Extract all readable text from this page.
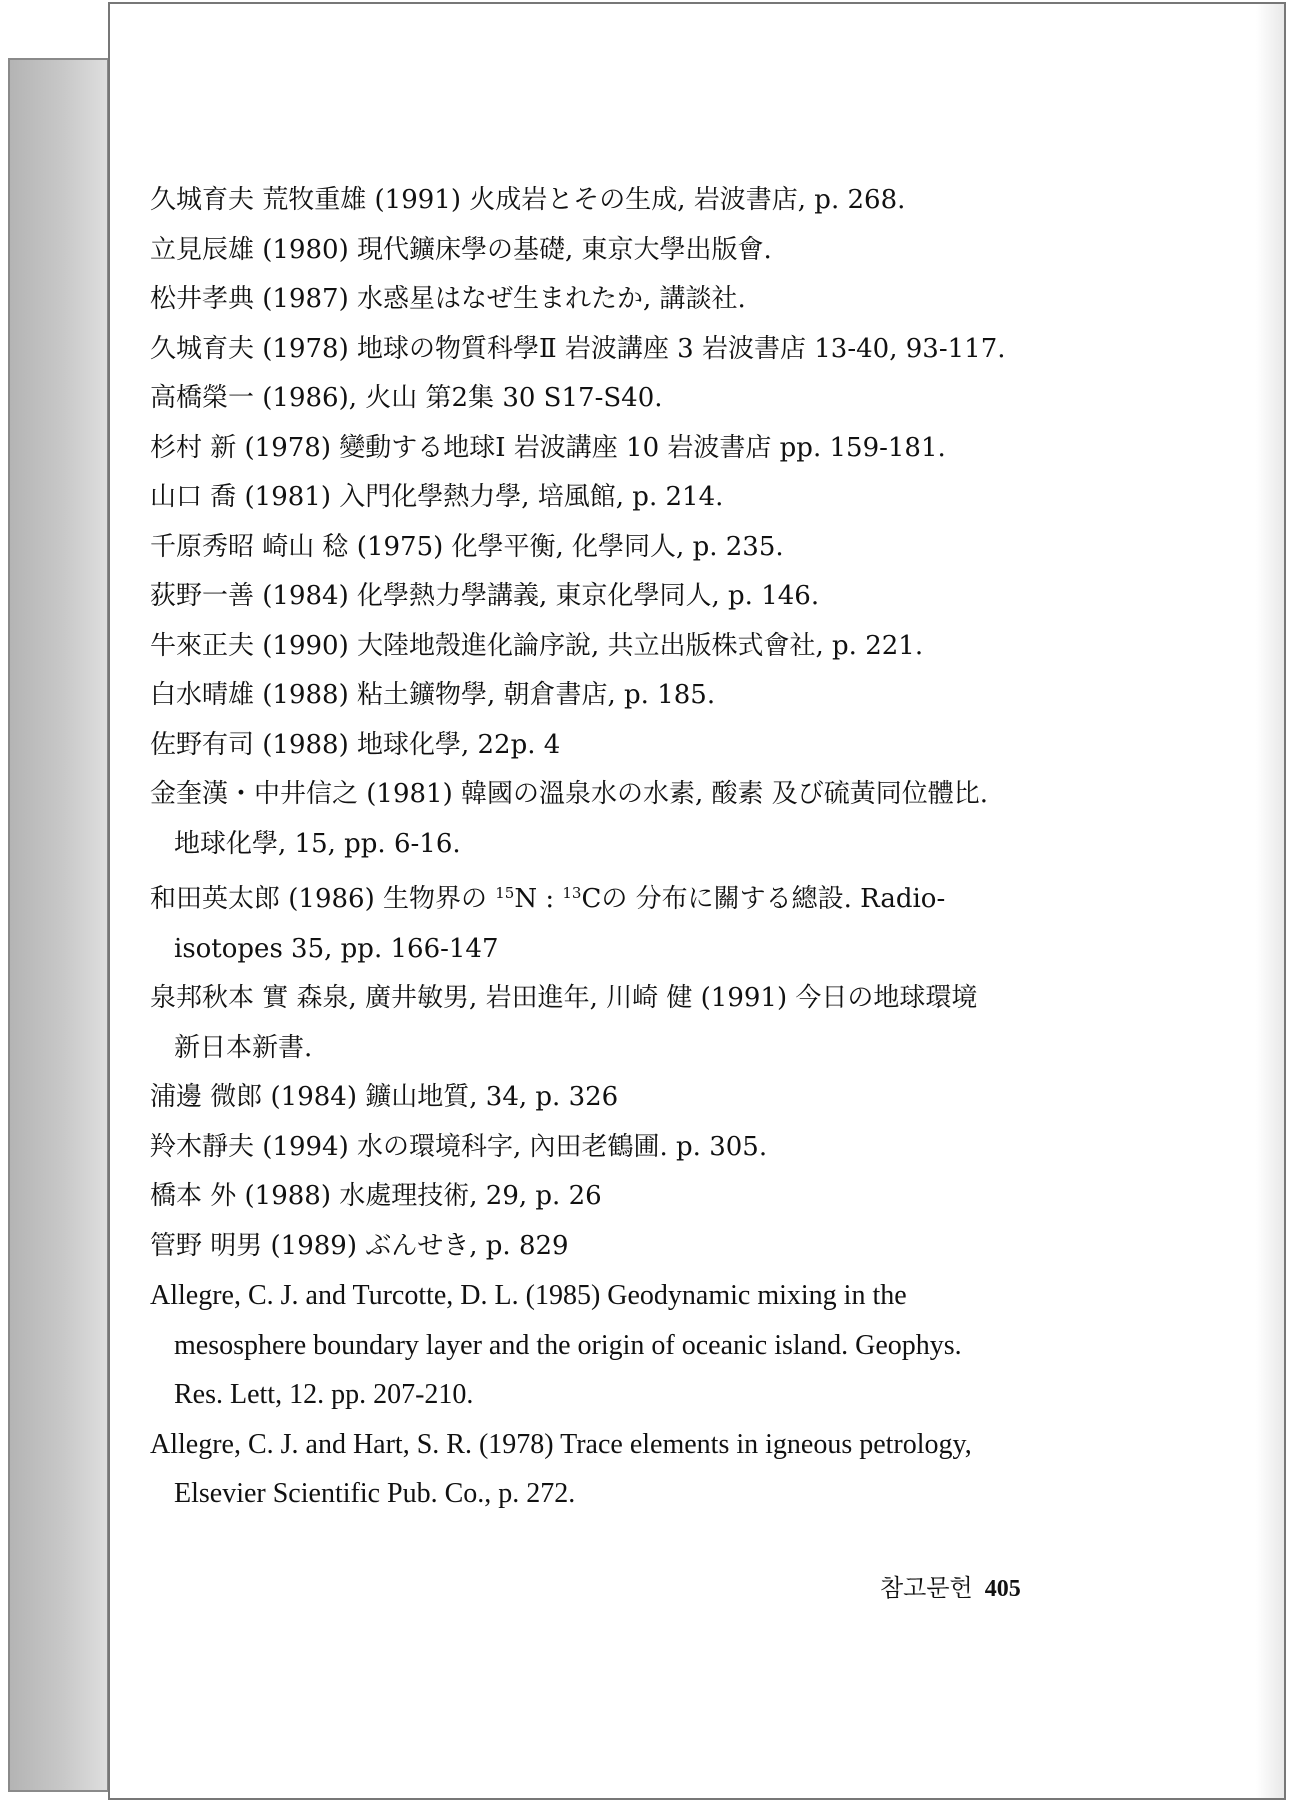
久城育夫 荒牧重雄 (1991) 火成岩とその生成, 岩波書店, p. 268.
立見辰雄 (1980) 現代鑛床學の基礎, 東京大學出版會.
松井孝典 (1987) 水惑星はなぜ生まれたか, 講談社.
久城育夫 (1978) 地球の物質科學Ⅱ 岩波講座 3 岩波書店 13-40, 93-117.
高橋榮一 (1986), 火山 第2集 30 S17-S40.
杉村 新 (1978) 變動する地球Ⅰ 岩波講座 10 岩波書店 pp. 159-181.
山口 喬 (1981) 入門化學熱力學, 培風館, p. 214.
千原秀昭 崎山 稔 (1975) 化學平衡, 化學同人, p. 235.
荻野一善 (1984) 化學熱力學講義, 東京化學同人, p. 146.
牛來正夫 (1990) 大陸地殼進化論序說, 共立出版株式會社, p. 221.
白水晴雄 (1988) 粘土鑛物學, 朝倉書店, p. 185.
佐野有司 (1988) 地球化學, 22p. 4
金奎漢・中井信之 (1981) 韓國の溫泉水の水素, 酸素 及び硫黃同位體比.
地球化學, 15, pp. 6-16.
和田英太郎 (1986) 生物界の $^{15}$N : $^{13}$Cの 分布に關する總設. Radio-
isotopes 35, pp. 166-147
泉邦秋本 實 森泉, 廣井敏男, 岩田進年, 川崎 健 (1991) 今日の地球環境
新日本新書.
浦邊 微郎 (1984) 鑛山地質, 34, p. 326
羚木靜夫 (1994) 水の環境科字, 內田老鶴圃. p. 305.
橋本 外 (1988) 水處理技術, 29, p. 26
管野 明男 (1989) ぶんせき, p. 829
Allegre, C. J. and Turcotte, D. L. (1985) Geodynamic mixing in the
mesosphere boundary layer and the origin of oceanic island. Geophys.
Res. Lett, 12. pp. 207-210.
Allegre, C. J. and Hart, S. R. (1978) Trace elements in igneous petrology,
Elsevier Scientific Pub. Co., p. 272.
참고문헌 405
